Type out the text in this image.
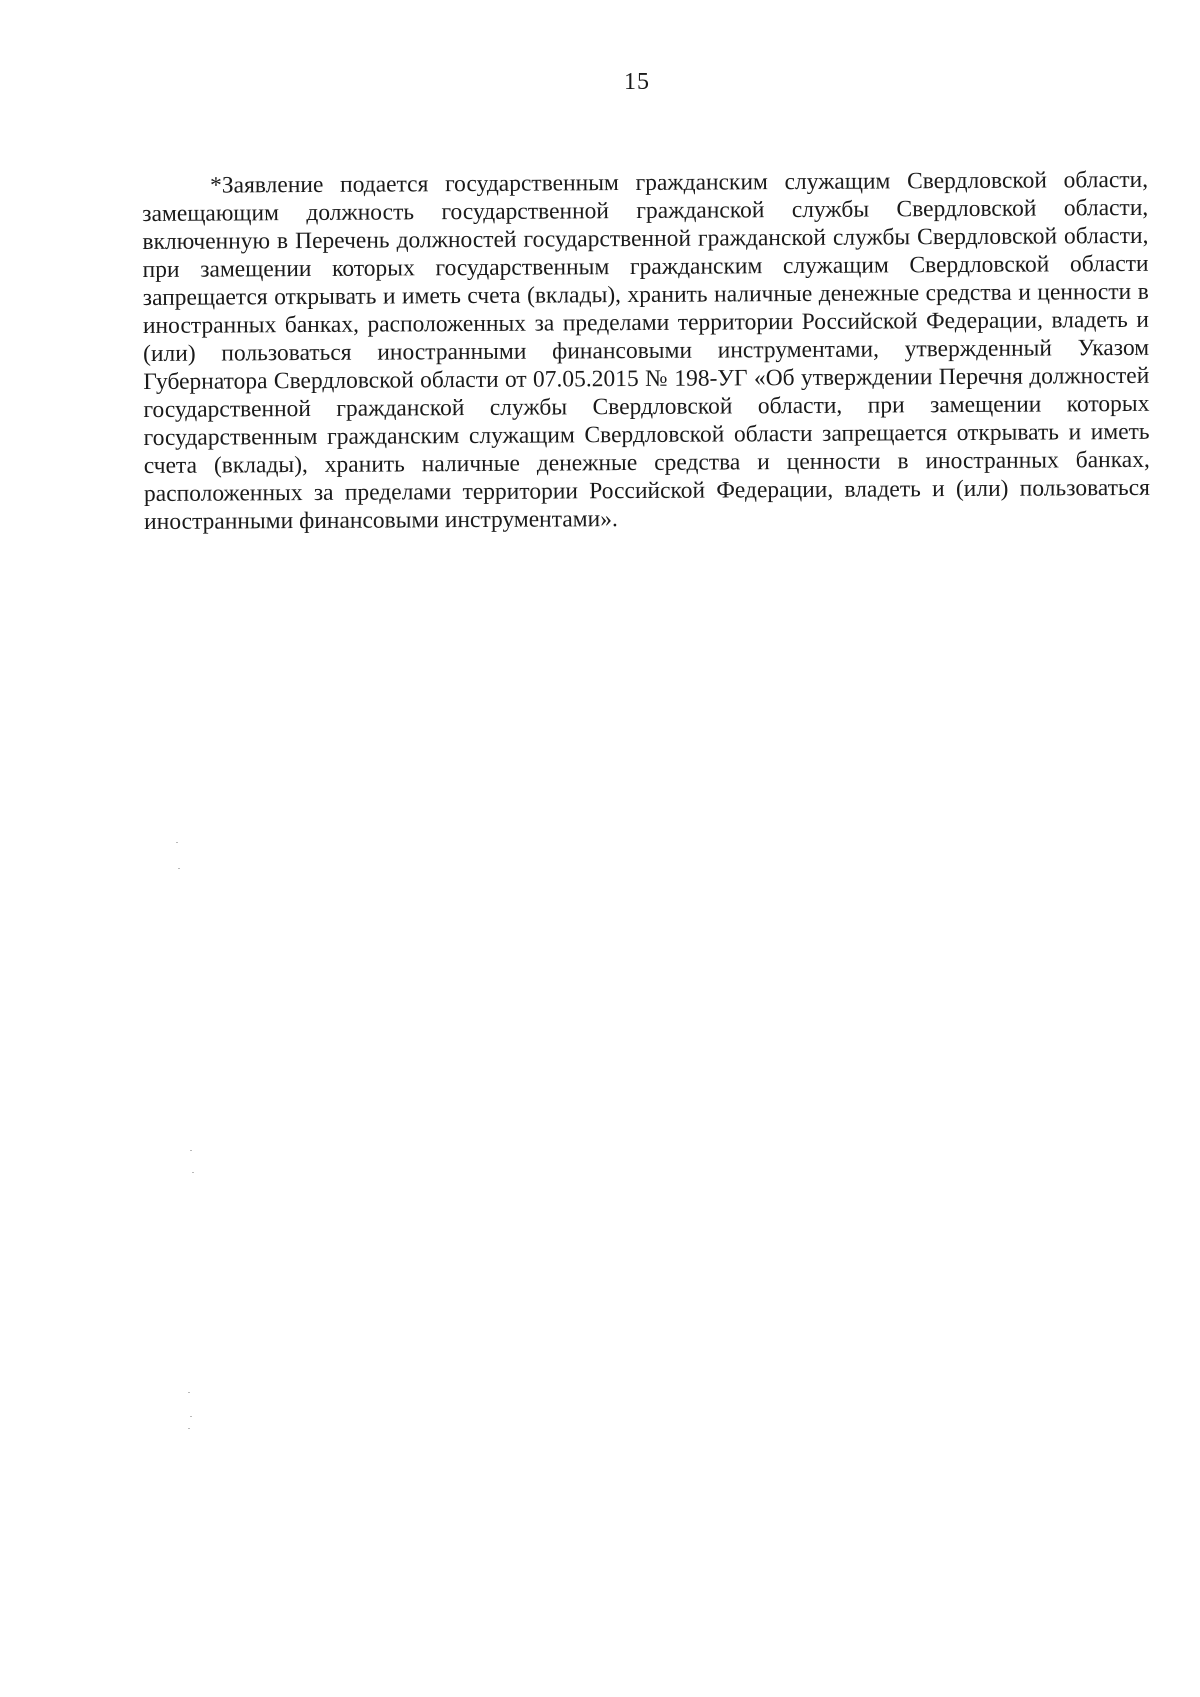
15

*Заявление подается государственным гражданским служащим Свердловской области, замещающим должность государственной гражданской службы Свердловской области, включенную в Перечень должностей государственной гражданской службы Свердловской области, при замещении которых государственным гражданским служащим Свердловской области запрещается открывать и иметь счета (вклады), хранить наличные денежные средства и ценности в иностранных банках, расположенных за пределами территории Российской Федерации, владеть и (или) пользоваться иностранными финансовыми инструментами, утвержденный Указом Губернатора Свердловской области от 07.05.2015 № 198-УГ «Об утверждении Перечня должностей государственной гражданской службы Свердловской области, при замещении которых государственным гражданским служащим Свердловской области запрещается открывать и иметь счета (вклады), хранить наличные денежные средства и ценности в иностранных банках, расположенных за пределами территории Российской Федерации, владеть и (или) пользоваться иностранными финансовыми инструментами».
